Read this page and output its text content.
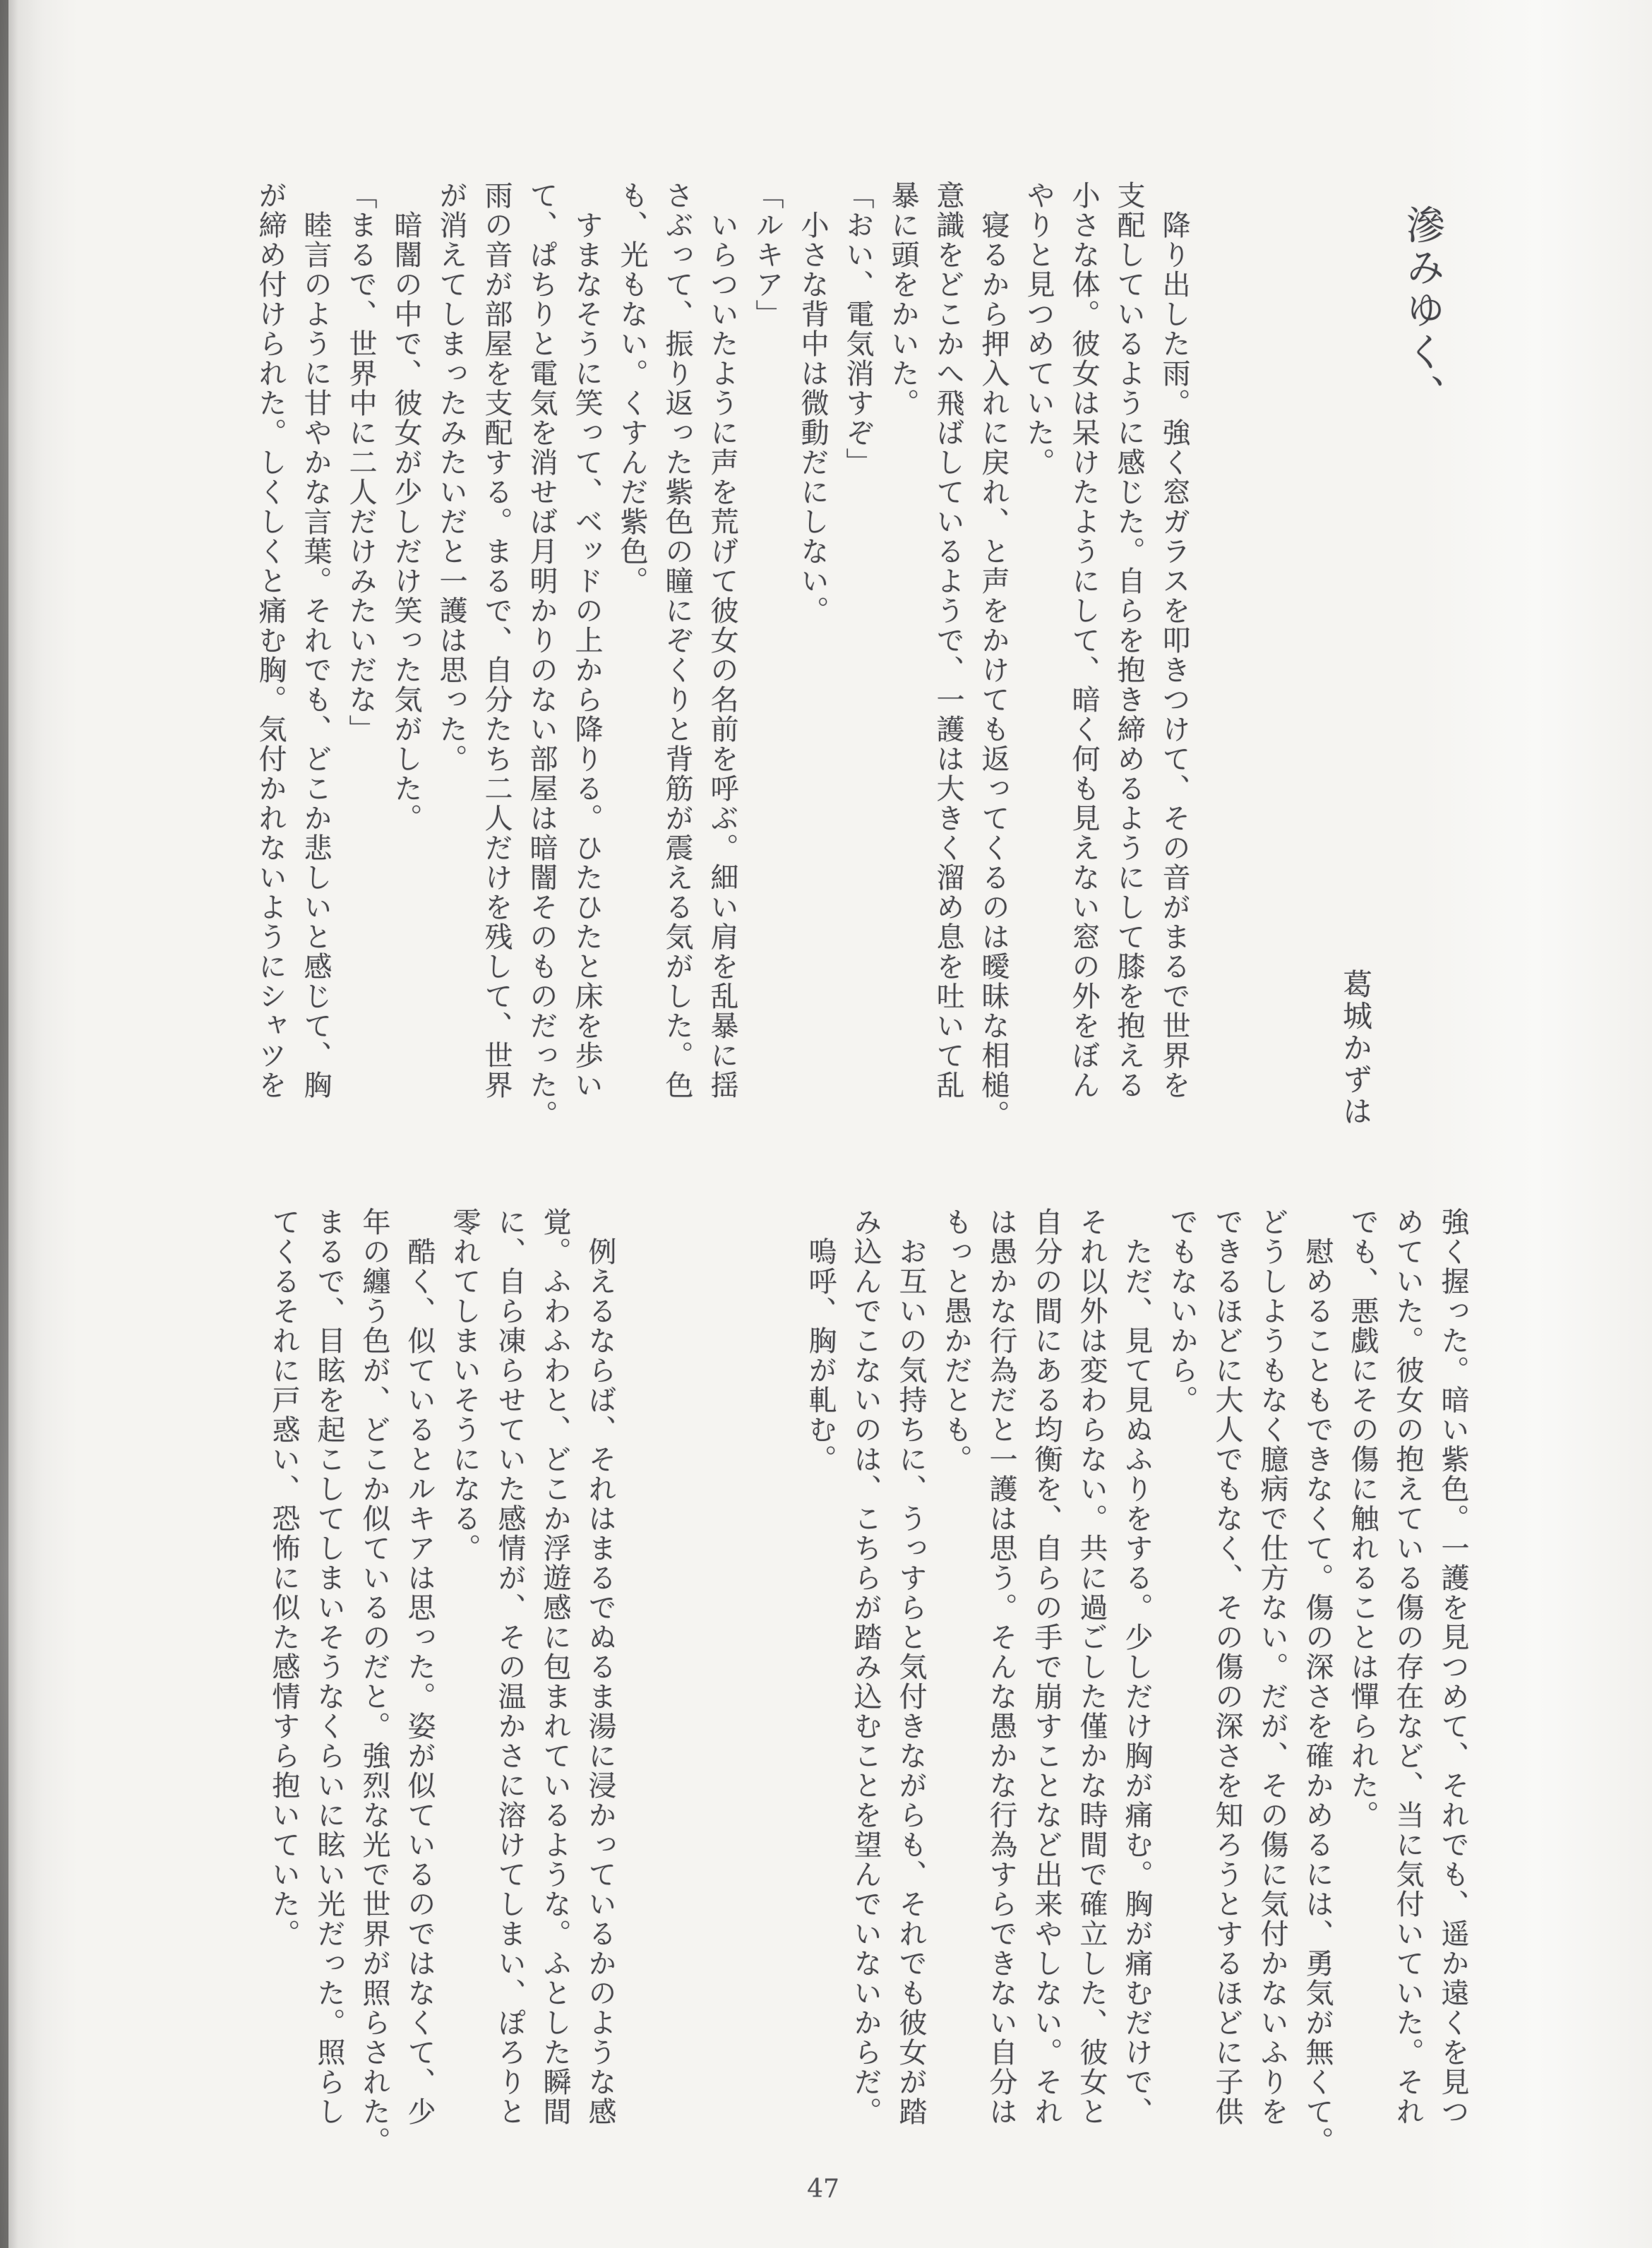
滲みゆく、
葛城かずは
　降り出した雨。強く窓ガラスを叩きつけて、その音がまるで世界を
支配しているように感じた。自らを抱き締めるようにして膝を抱える
小さな体。彼女は呆けたようにして、暗く何も見えない窓の外をぼん
やりと見つめていた。
　寝るから押入れに戻れ、と声をかけても返ってくるのは曖昧な相槌。
意識をどこかへ飛ばしているようで、一護は大きく溜め息を吐いて乱
暴に頭をかいた。
「おい、電気消すぞ」
　小さな背中は微動だにしない。
「ルキア」
　いらついたように声を荒げて彼女の名前を呼ぶ。細い肩を乱暴に揺
さぶって、振り返った紫色の瞳にぞくりと背筋が震える気がした。色
も、光もない。くすんだ紫色。
　すまなそうに笑って、ベッドの上から降りる。ひたひたと床を歩い
て、ぱちりと電気を消せば月明かりのない部屋は暗闇そのものだった。
雨の音が部屋を支配する。まるで、自分たち二人だけを残して、世界
が消えてしまったみたいだと一護は思った。
　暗闇の中で、彼女が少しだけ笑った気がした。
「まるで、世界中に二人だけみたいだな」
　睦言のように甘やかな言葉。それでも、どこか悲しいと感じて、胸
が締め付けられた。しくしくと痛む胸。気付かれないようにシャツを
強く握った。暗い紫色。一護を見つめて、それでも、遥か遠くを見つ
めていた。彼女の抱えている傷の存在など、当に気付いていた。それ
でも、悪戯にその傷に触れることは憚られた。
　慰めることもできなくて。傷の深さを確かめるには、勇気が無くて。
どうしようもなく臆病で仕方ない。だが、その傷に気付かないふりを
できるほどに大人でもなく、その傷の深さを知ろうとするほどに子供
でもないから。
　ただ、見て見ぬふりをする。少しだけ胸が痛む。胸が痛むだけで、
それ以外は変わらない。共に過ごした僅かな時間で確立した、彼女と
自分の間にある均衡を、自らの手で崩すことなど出来やしない。それ
は愚かな行為だと一護は思う。そんな愚かな行為すらできない自分は
もっと愚かだとも。
　お互いの気持ちに、うっすらと気付きながらも、それでも彼女が踏
み込んでこないのは、こちらが踏み込むことを望んでいないからだ。
　嗚呼、胸が軋む。
　例えるならば、それはまるでぬるま湯に浸かっているかのような感
覚。ふわふわと、どこか浮遊感に包まれているような。ふとした瞬間
に、自ら凍らせていた感情が、その温かさに溶けてしまい、ぽろりと
零れてしまいそうになる。
　酷く、似ているとルキアは思った。姿が似ているのではなくて、少
年の纏う色が、どこか似ているのだと。強烈な光で世界が照らされた。
まるで、目眩を起こしてしまいそうなくらいに眩い光だった。照らし
てくるそれに戸惑い、恐怖に似た感情すら抱いていた。
47
